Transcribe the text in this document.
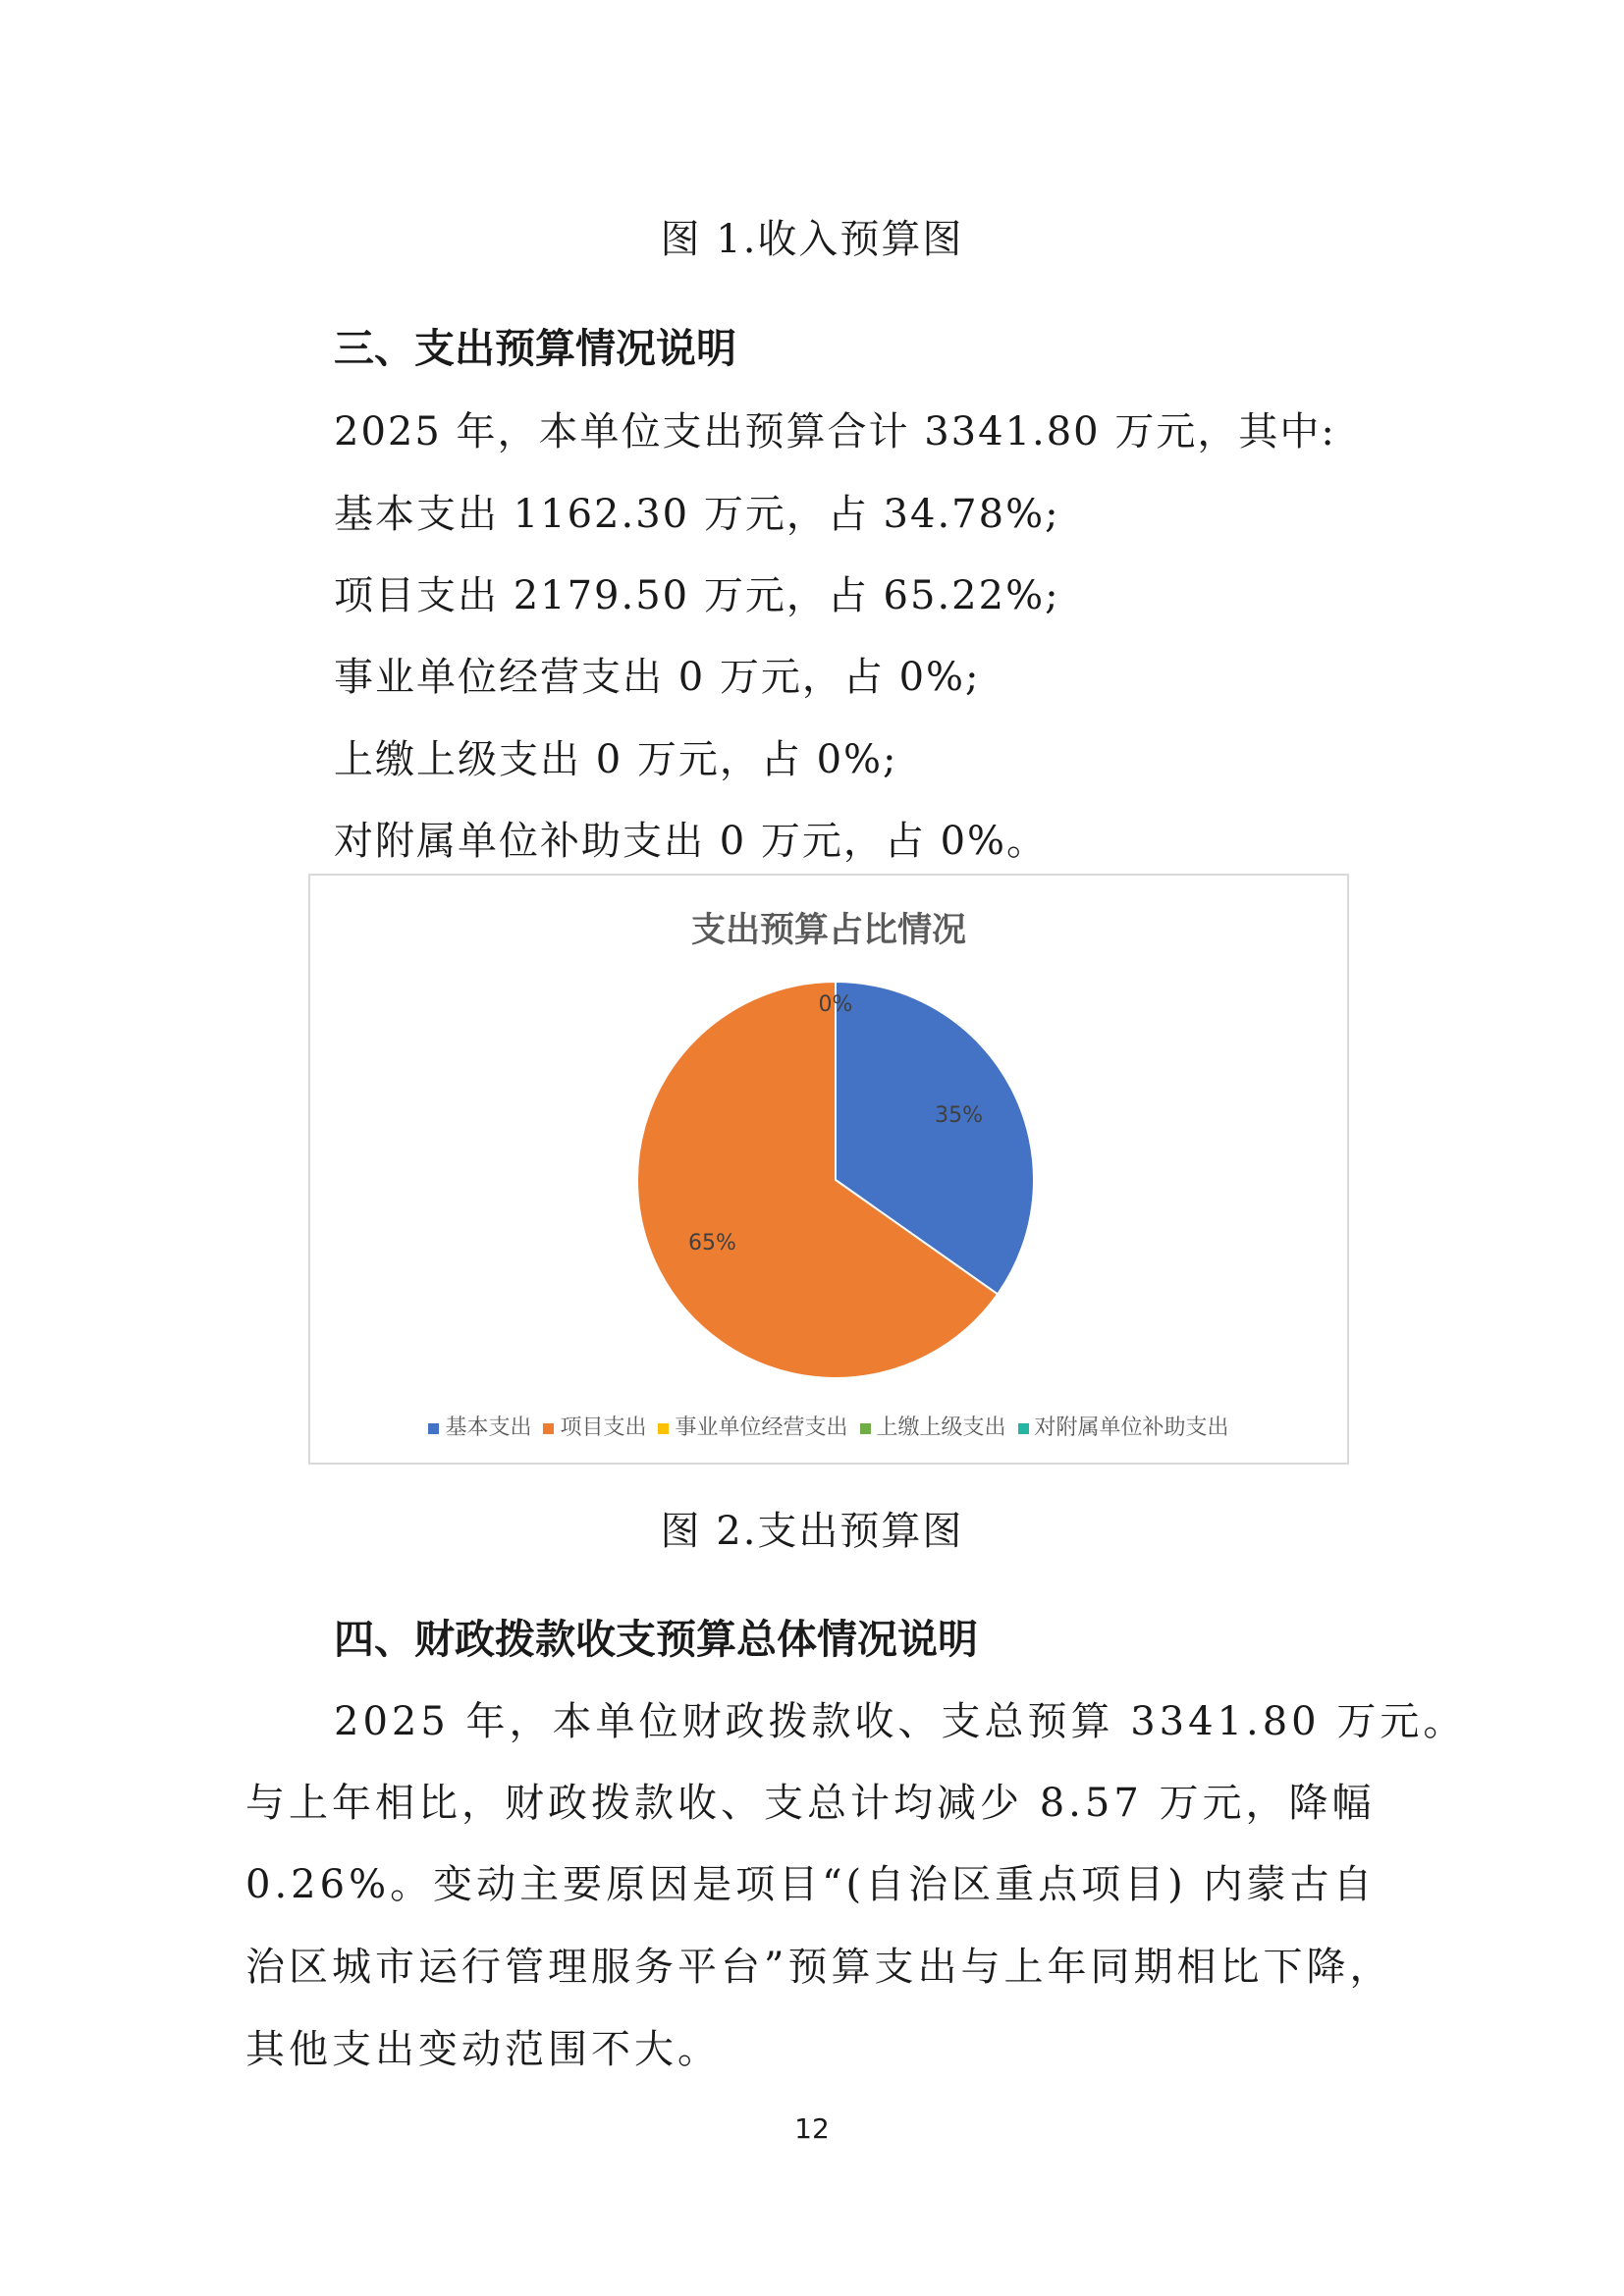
图 1.收入预算图
三、支出预算情况说明
2025 年，本单位支出预算合计 3341.80 万元，其中:
基本支出 1162.30 万元，占 34.78%;
项目支出 2179.50 万元，占 65.22%;
事业单位经营支出 0 万元，占 0%;
上缴上级支出 0 万元，占 0%;
对附属单位补助支出 0 万元，占 0%。
支出预算占比情况
35%
65%
0%
基本支出 项目支出 事业单位经营支出 上缴上级支出 对附属单位补助支出
图 2.支出预算图
四、财政拨款收支预算总体情况说明
2025 年，本单位财政拨款收、支总预算 3341.80 万元。
与上年相比，财政拨款收、支总计均减少 8.57 万元，降幅
0.26%。变动主要原因是项目“(自治区重点项目) 内蒙古自
治区城市运行管理服务平台”预算支出与上年同期相比下降，
其他支出变动范围不大。
12
